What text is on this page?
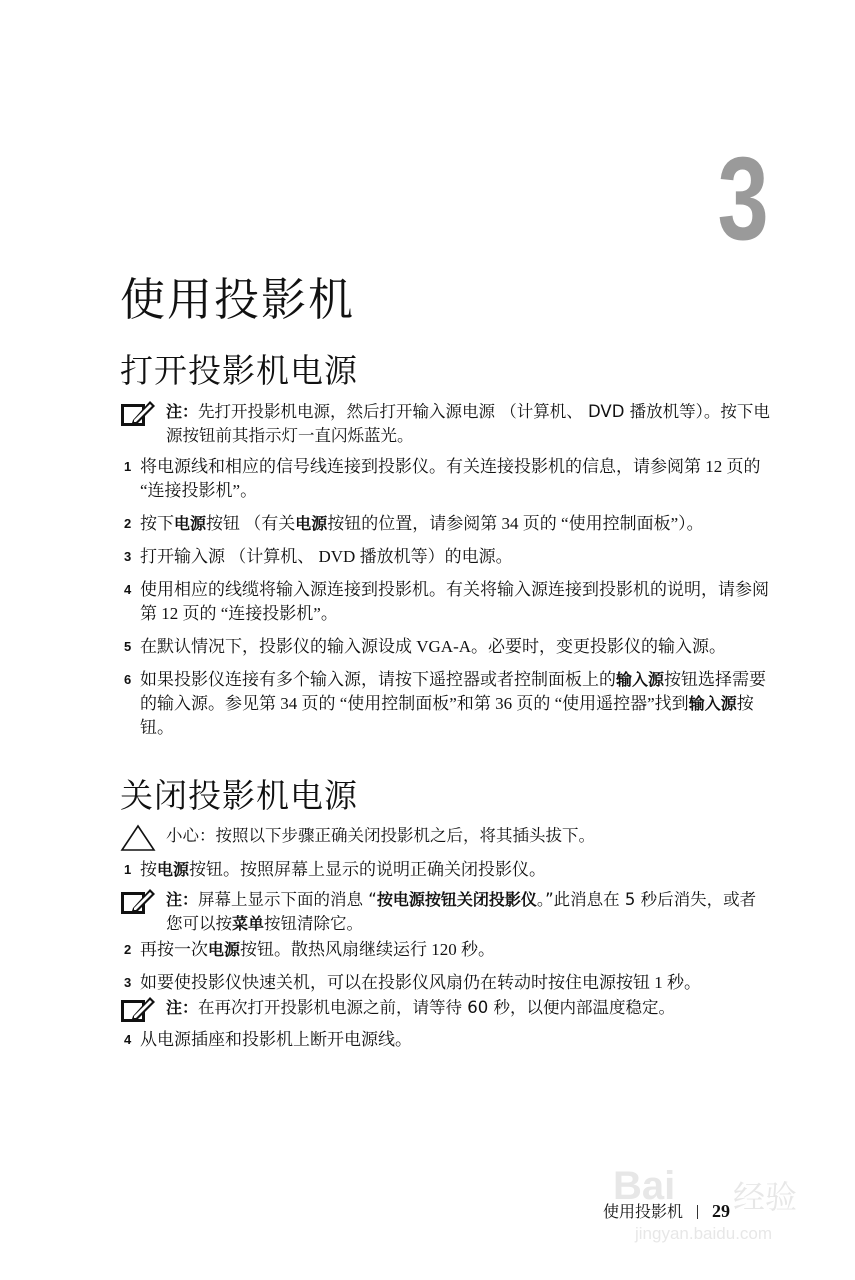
3
使用投影机
打开投影机电源
注：先打开投影机电源，然后打开输入源电源 （计算机、 DVD 播放机等）。按下电源按钮前其指示灯一直闪烁蓝光。
1 将电源线和相应的信号线连接到投影仪。有关连接投影机的信息，请参阅第 12 页的 “连接投影机”。
2 按下电源按钮 （有关电源按钮的位置，请参阅第 34 页的 “使用控制面板”）。
3 打开输入源 （计算机、 DVD 播放机等）的电源。
4 使用相应的线缆将输入源连接到投影机。有关将输入源连接到投影机的说明，请参阅第 12 页的 “连接投影机”。
5 在默认情况下，投影仪的输入源设成 VGA-A。必要时，变更投影仪的输入源。
6 如果投影仪连接有多个输入源，请按下遥控器或者控制面板上的输入源按钮选择需要的输入源。参见第 34 页的 “使用控制面板”和第 36 页的 “使用遥控器”找到输入源按钮。
关闭投影机电源
小心：按照以下步骤正确关闭投影机之后，将其插头拔下。
1 按电源按钮。按照屏幕上显示的说明正确关闭投影仪。
注：屏幕上显示下面的消息 “按电源按钮关闭投影仪。”此消息在 5 秒后消失，或者您可以按菜单按钮清除它。
2 再按一次电源按钮。散热风扇继续运行 120 秒。
3 如要使投影仪快速关机，可以在投影仪风扇仍在转动时按住电源按钮 1 秒。
注：在再次打开投影机电源之前，请等待 60 秒，以便内部温度稳定。
4 从电源插座和投影机上断开电源线。
Bai 经验
jingyan.baidu.com
使用投影机 29
